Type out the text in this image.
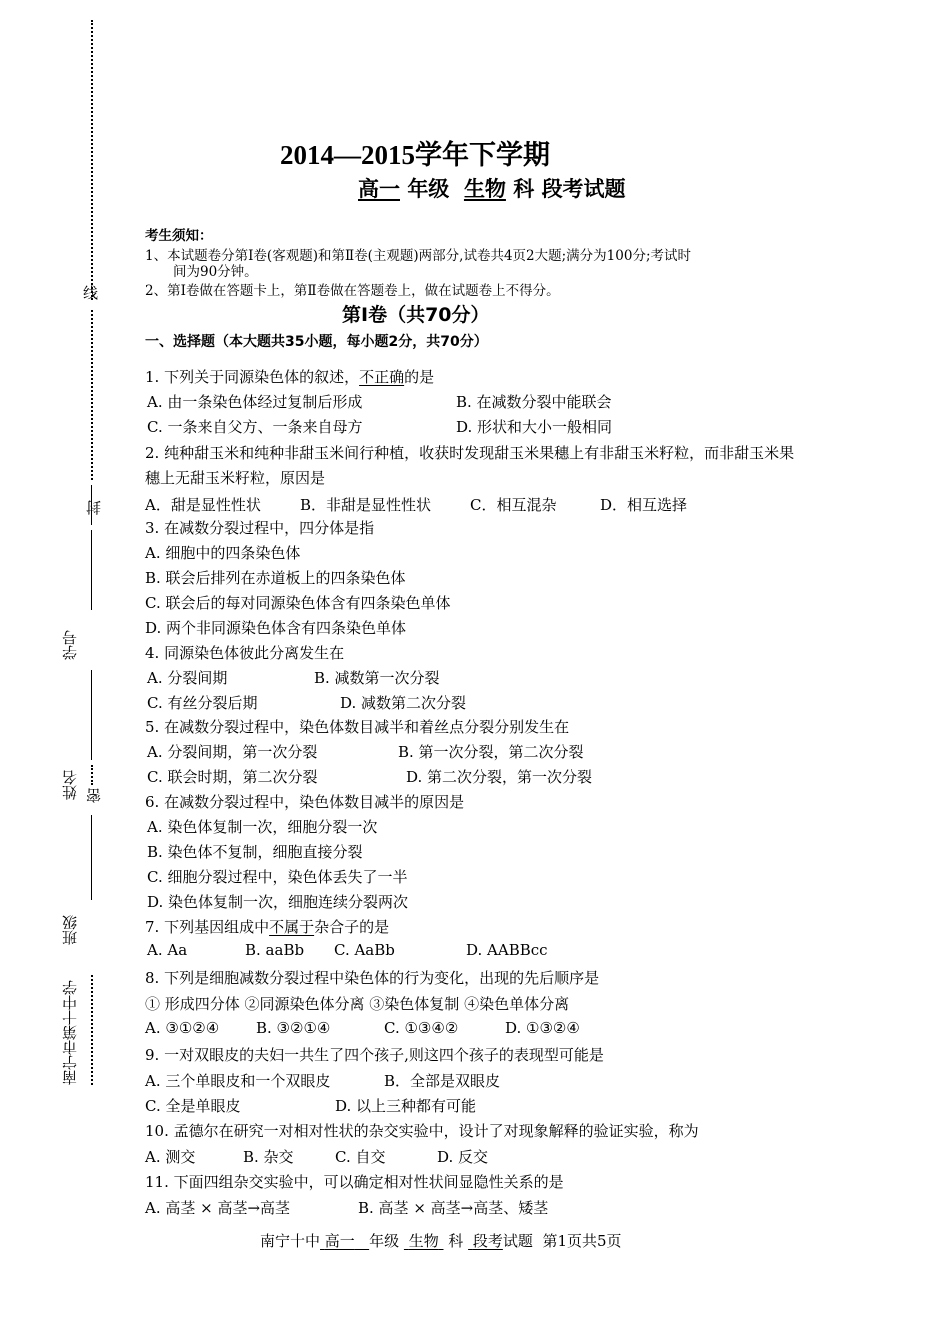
线
封
学号
姓名 密
班级
南宁市第十中学
2014—2015学年下学期
高一 年级 生物 科 段考试题
考生须知：
1、本试题卷分第Ⅰ卷(客观题)和第Ⅱ卷(主观题)两部分,试卷共4页2大题;满分为100分;考试时
间为90分钟。
2、第Ⅰ卷做在答题卡上，第Ⅱ卷做在答题卷上，做在试题卷上不得分。
第Ⅰ卷（共70分）
一、选择题（本大题共35小题，每小题2分，共70分）
1. 下列关于同源染色体的叙述，不正确的是
A. 由一条染色体经过复制后形成	B. 在减数分裂中能联会
C. 一条来自父方、一条来自母方	D. 形状和大小一般相同
2. 纯种甜玉米和纯种非甜玉米间行种植，收获时发现甜玉米果穗上有非甜玉米籽粒，而非甜玉米果
穗上无甜玉米籽粒，原因是
A．甜是显性性状	B．非甜是显性性状	C．相互混杂	D．相互选择
3. 在减数分裂过程中，四分体是指
A. 细胞中的四条染色体
B. 联会后排列在赤道板上的四条染色体
C. 联会后的每对同源染色体含有四条染色单体
D. 两个非同源染色体含有四条染色单体
4. 同源染色体彼此分离发生在
A. 分裂间期	B. 减数第一次分裂
C. 有丝分裂后期	D. 减数第二次分裂
5. 在减数分裂过程中，染色体数目减半和着丝点分裂分别发生在
A. 分裂间期，第一次分裂	B. 第一次分裂，第二次分裂
C. 联会时期，第二次分裂	D. 第二次分裂，第一次分裂
6. 在减数分裂过程中，染色体数目减半的原因是
A. 染色体复制一次，细胞分裂一次
B. 染色体不复制，细胞直接分裂
C. 细胞分裂过程中，染色体丢失了一半
D. 染色体复制一次，细胞连续分裂两次
7. 下列基因组成中不属于杂合子的是
A. Aa	B. aaBb C. AaBb	D. AABBcc
8. 下列是细胞减数分裂过程中染色体的行为变化，出现的先后顺序是
① 形成四分体 ②同源染色体分离 ③染色体复制 ④染色单体分离
A. ③①②④ B. ③②①④	C. ①③④②	D. ①③②④
9. 一对双眼皮的夫妇一共生了四个孩子,则这四个孩子的表现型可能是
A. 三个单眼皮和一个双眼皮	B．全部是双眼皮
C. 全是单眼皮	D. 以上三种都有可能
10. 孟德尔在研究一对相对性状的杂交实验中，设计了对现象解释的验证实验，称为
A. 测交	B. 杂交	C. 自交	D. 反交
11. 下面四组杂交实验中，可以确定相对性状间显隐性关系的是
A. 高茎 × 高茎→高茎	B. 高茎 × 高茎→高茎、矮茎
南宁十中 高一 年级 生物 科 段考试题 第1页共5页
